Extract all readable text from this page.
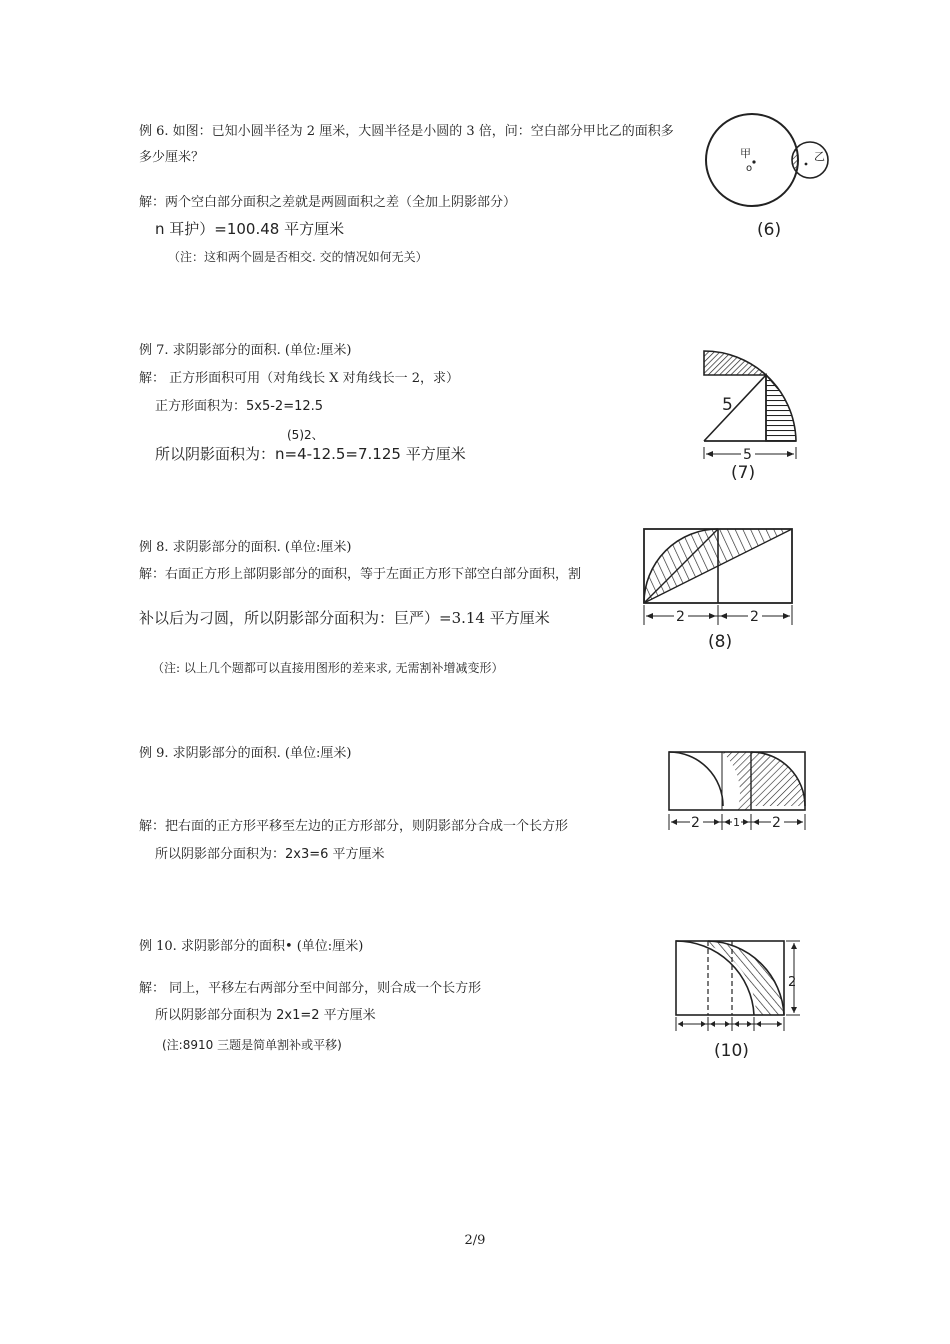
例 6. 如图：已知小圆半径为 2 厘米，大圆半径是小圆的 3 倍，问：空白部分甲比乙的面积多
多少厘米？
解：两个空白部分面积之差就是两圆面积之差（全加上阴影部分）
n 耳护）=100.48 平方厘米
（注：这和两个圆是否相交. 交的情况如何无关）
甲	乙
o
(6)
例 7. 求阴影部分的面积. (单位:厘米)
解： 正方形面积可用（对角线长 X 对角线长一 2，求）
正方形面积为：5x5-2=12.5
(5)2、
所以阴影面积为：n=4-12.5=7.125 平方厘米
5
5
(7)
例 8. 求阴影部分的面积. (单位:厘米)
解：右面正方形上部阴影部分的面积，等于左面正方形下部空白部分面积，割
补以后为刁圆，所以阴影部分面积为：巨严）=3.14 平方厘米
（注: 以上几个题都可以直接用图形的差来求, 无需割补增减变形）
2	2
(8)
例 9. 求阴影部分的面积. (单位:厘米)
解：把右面的正方形平移至左边的正方形部分，则阴影部分合成一个长方形
所以阴影部分面积为：2x3=6 平方厘米
2	1 2
例 10. 求阴影部分的面积• (单位:厘米)
解： 同上，平移左右两部分至中间部分，则合成一个长方形
所以阴影部分面积为 2x1=2 平方厘米
(注:8910 三题是简单割补或平移)
2
(10)
2/9
